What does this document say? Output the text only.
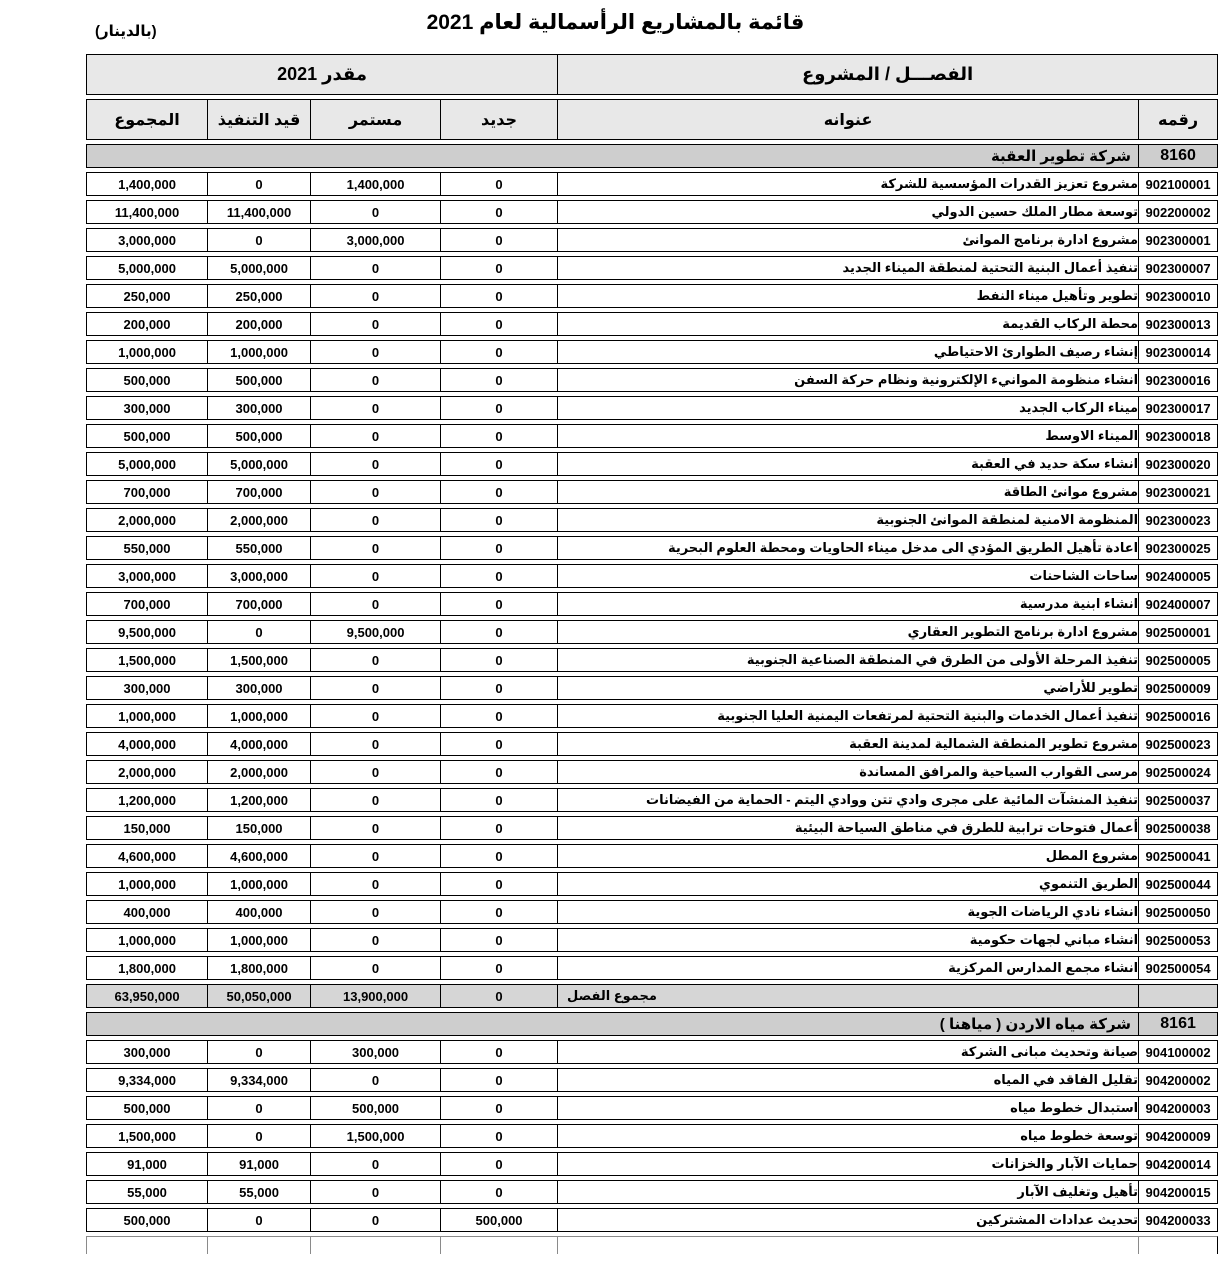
قائمة بالمشاريع الرأسمالية لعام 2021
(بالدينار)
الفصـــل / المشروع		مقدر 2021			
رقمه	عنوانه	جديد	مستمر	قيد التنفيذ	المجموع
8160	شركة تطوير العقبة				
902100001	مشروع تعزيز القدرات المؤسسية للشركة	0	1,400,000	0	1,400,000
902200002	توسعة مطار الملك حسين الدولي	0	0	11,400,000	11,400,000
902300001	مشروع ادارة برنامج الموانئ	0	3,000,000	0	3,000,000
902300007	تنفيذ أعمال البنية التحتية لمنطقة الميناء الجديد	0	0	5,000,000	5,000,000
902300010	تطوير وتأهيل ميناء النفط	0	0	250,000	250,000
902300013	محطة الركاب القديمة	0	0	200,000	200,000
902300014	إنشاء رصيف الطوارئ الاحتياطي	0	0	1,000,000	1,000,000
902300016	انشاء منظومة الموانيء الإلكترونية ونظام حركة السفن	0	0	500,000	500,000
902300017	ميناء الركاب الجديد	0	0	300,000	300,000
902300018	الميناء الاوسط	0	0	500,000	500,000
902300020	انشاء سكة حديد في العقبة	0	0	5,000,000	5,000,000
902300021	مشروع موانئ الطاقة	0	0	700,000	700,000
902300023	المنظومة الامنية لمنطقة الموانئ الجنوبية	0	0	2,000,000	2,000,000
902300025	اعادة تأهيل الطريق المؤدي الى مدخل ميناء الحاويات ومحطة العلوم البحرية	0	0	550,000	550,000
902400005	ساحات الشاحنات	0	0	3,000,000	3,000,000
902400007	انشاء ابنية مدرسية	0	0	700,000	700,000
902500001	مشروع ادارة برنامج التطوير العقاري	0	9,500,000	0	9,500,000
902500005	تنفيذ المرحلة الأولى من الطرق في المنطقة الصناعية الجنوبية	0	0	1,500,000	1,500,000
902500009	تطوير للأراضي	0	0	300,000	300,000
902500016	تنفيذ أعمال الخدمات والبنية التحتية لمرتفعات اليمنية العليا الجنوبية	0	0	1,000,000	1,000,000
902500023	مشروع تطوير المنطقة الشمالية لمدينة العقبة	0	0	4,000,000	4,000,000
902500024	مرسى القوارب السياحية والمرافق المساندة	0	0	2,000,000	2,000,000
902500037	تنفيذ المنشآت المائية على مجرى وادي تتن ووادي اليتم - الحماية من الفيضانات	0	0	1,200,000	1,200,000
902500038	أعمال فتوحات ترابية للطرق في مناطق السياحة البيئية	0	0	150,000	150,000
902500041	مشروع المطل	0	0	4,600,000	4,600,000
902500044	الطريق التنموي	0	0	1,000,000	1,000,000
902500050	انشاء نادي الرياضات الجوية	0	0	400,000	400,000
902500053	انشاء مباني لجهات حكومية	0	0	1,000,000	1,000,000
902500054	انشاء مجمع المدارس المركزية	0	0	1,800,000	1,800,000
	مجموع الفصل	0	13,900,000	50,050,000	63,950,000
8161	شركة مياه الاردن ( مياهنا )				
904100002	صيانة وتحديث مبانى الشركة	0	300,000	0	300,000
904200002	تقليل الفاقد في المياه	0	0	9,334,000	9,334,000
904200003	استبدال خطوط مياه	0	500,000	0	500,000
904200009	توسعة خطوط مياه	0	1,500,000	0	1,500,000
904200014	حمايات الآبار والخزانات	0	0	91,000	91,000
904200015	تأهيل وتغليف الآبار	0	0	55,000	55,000
904200033	تحديث عدادات المشتركين	500,000	0	0	500,000
